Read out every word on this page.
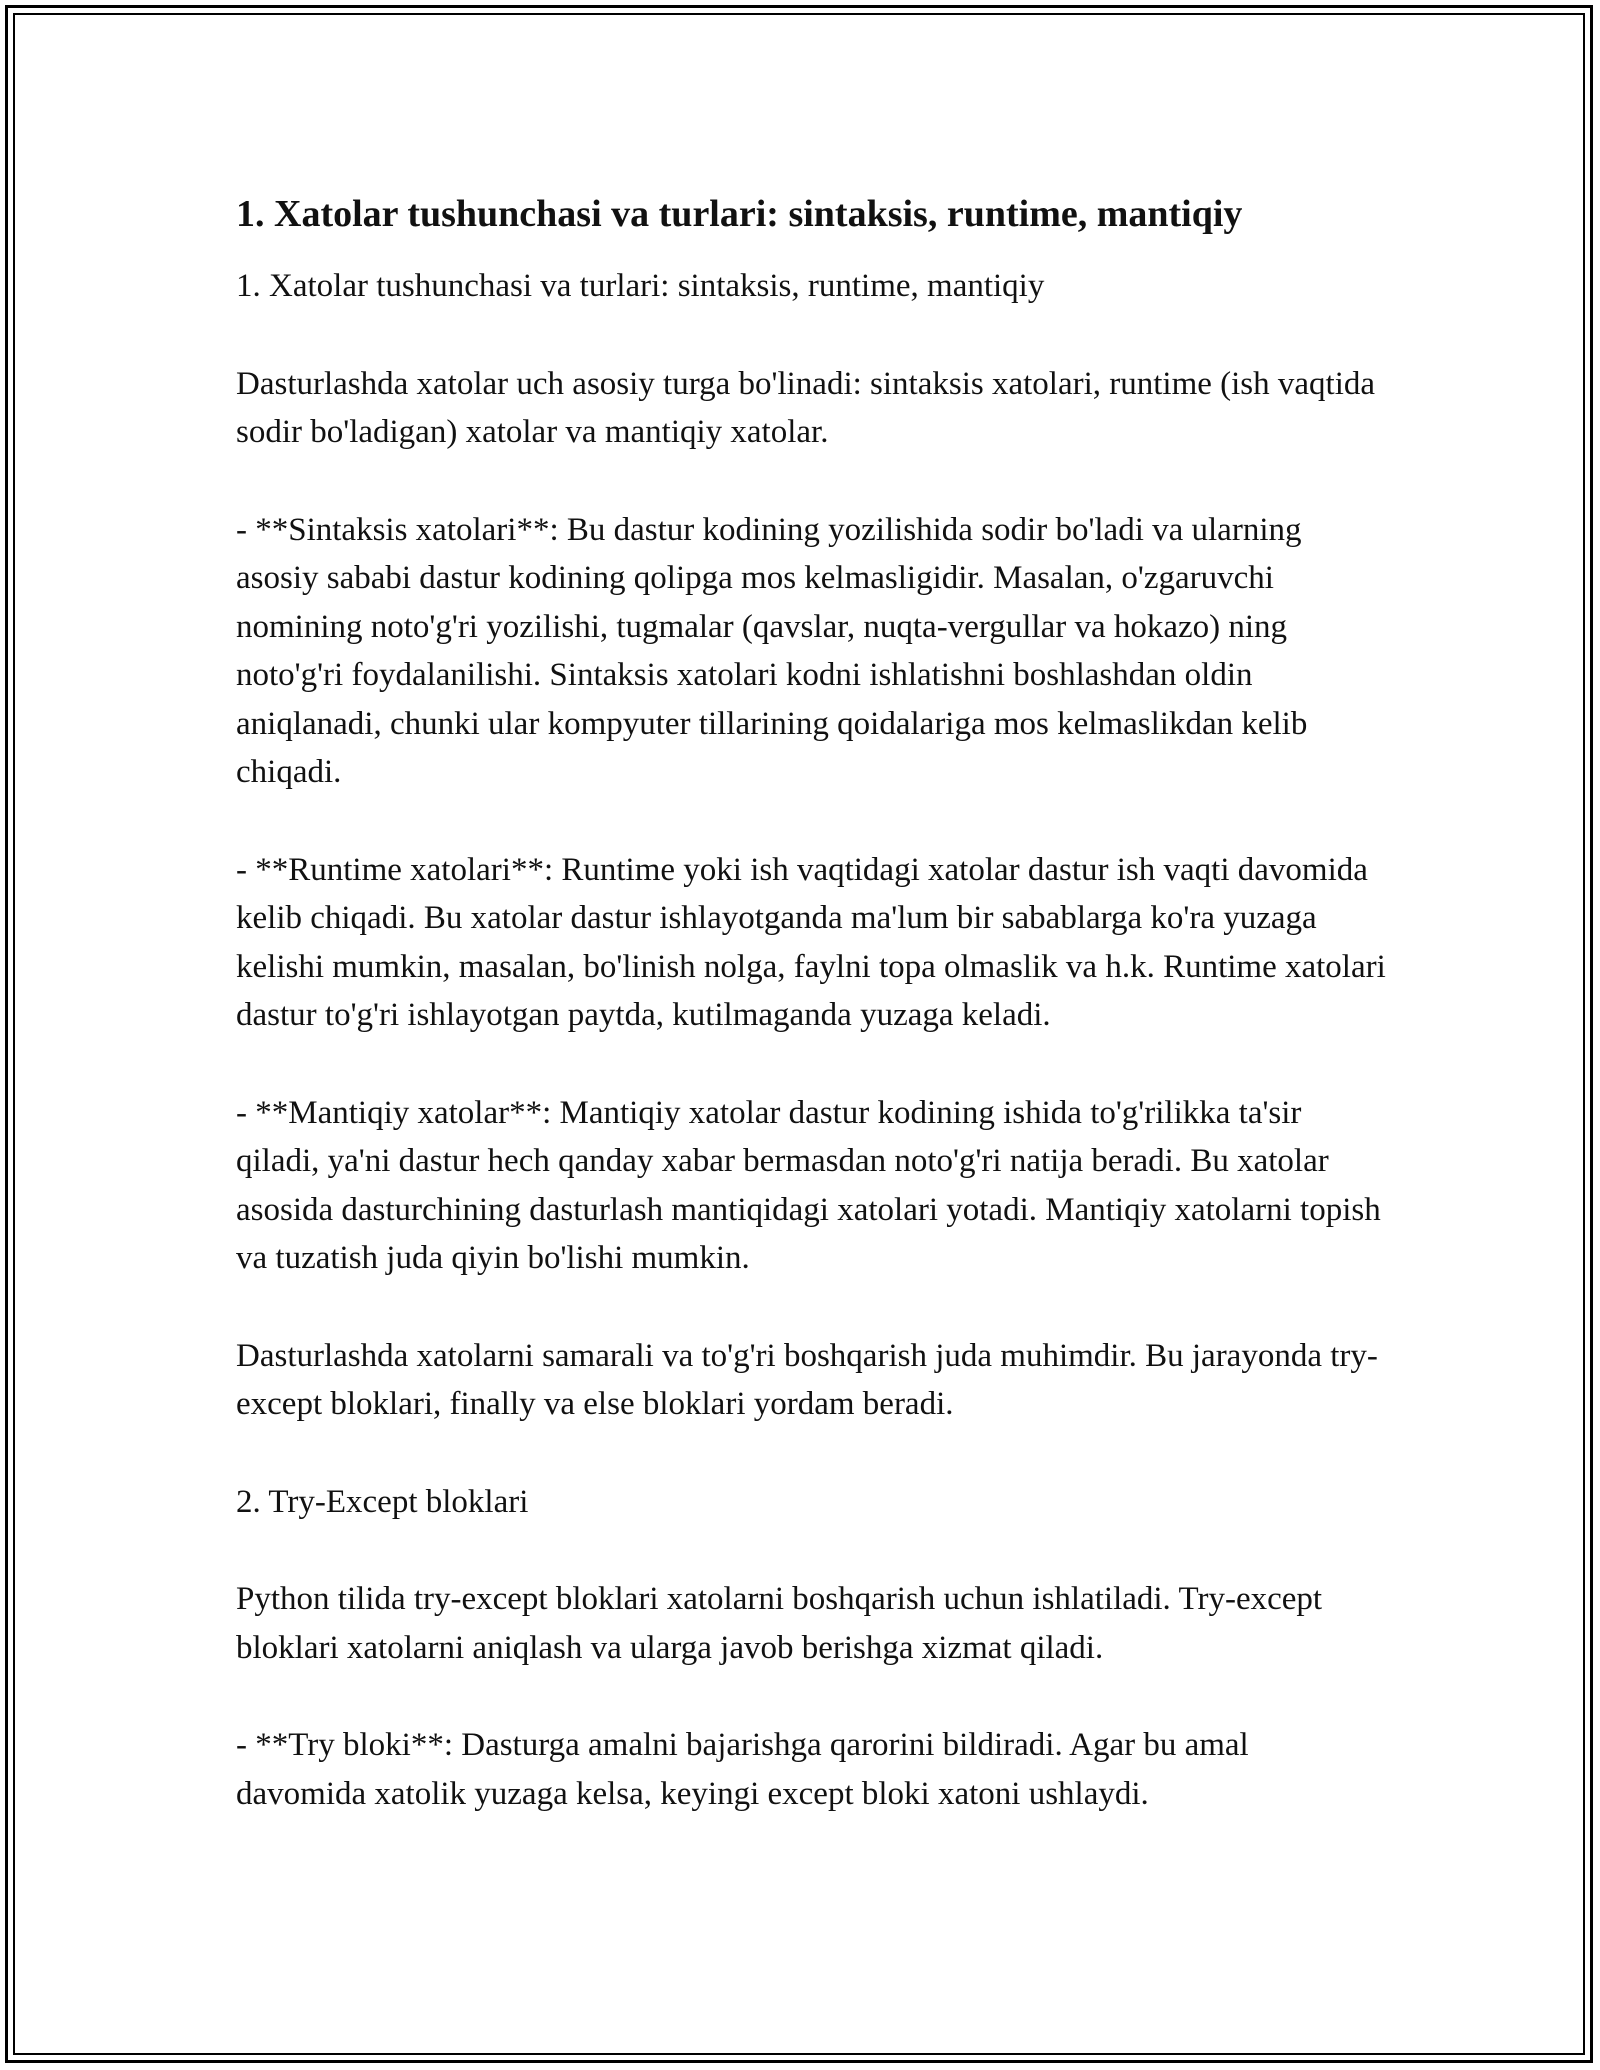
1. Xatolar tushunchasi va turlari: sintaksis, runtime, mantiqiy

1. Xatolar tushunchasi va turlari: sintaksis, runtime, mantiqiy

Dasturlashda xatolar uch asosiy turga bo'linadi: sintaksis xatolari, runtime (ish vaqtida sodir bo'ladigan) xatolar va mantiqiy xatolar.

- **Sintaksis xatolari**: Bu dastur kodining yozilishida sodir bo'ladi va ularning asosiy sababi dastur kodining qolipga mos kelmasligidir. Masalan, o'zgaruvchi nomining noto'g'ri yozilishi, tugmalar (qavslar, nuqta-vergullar va hokazo) ning noto'g'ri foydalanilishi. Sintaksis xatolari kodni ishlatishni boshlashdan oldin aniqlanadi, chunki ular kompyuter tillarining qoidalariga mos kelmaslikdan kelib chiqadi.

- **Runtime xatolari**: Runtime yoki ish vaqtidagi xatolar dastur ish vaqti davomida kelib chiqadi. Bu xatolar dastur ishlayotganda ma'lum bir sabablarga ko'ra yuzaga kelishi mumkin, masalan, bo'linish nolga, faylni topa olmaslik va h.k. Runtime xatolari dastur to'g'ri ishlayotgan paytda, kutilmaganda yuzaga keladi.

- **Mantiqiy xatolar**: Mantiqiy xatolar dastur kodining ishida to'g'rilikka ta'sir qiladi, ya'ni dastur hech qanday xabar bermasdan noto'g'ri natija beradi. Bu xatolar asosida dasturchining dasturlash mantiqidagi xatolari yotadi. Mantiqiy xatolarni topish va tuzatish juda qiyin bo'lishi mumkin.

Dasturlashda xatolarni samarali va to'g'ri boshqarish juda muhimdir. Bu jarayonda try-except bloklari, finally va else bloklari yordam beradi.

2. Try-Except bloklari

Python tilida try-except bloklari xatolarni boshqarish uchun ishlatiladi. Try-except bloklari xatolarni aniqlash va ularga javob berishga xizmat qiladi.

- **Try bloki**: Dasturga amalni bajarishga qarorini bildiradi. Agar bu amal davomida xatolik yuzaga kelsa, keyingi except bloki xatoni ushlaydi.
